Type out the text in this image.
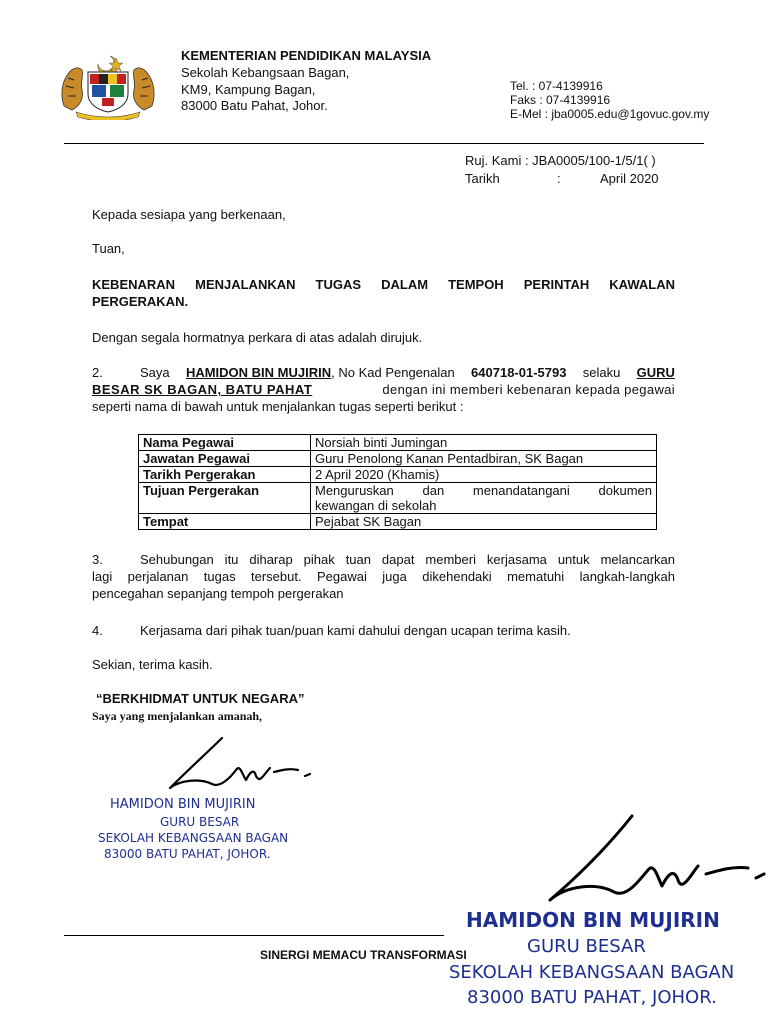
KEMENTERIAN PENDIDIKAN MALAYSIA
Sekolah Kebangsaan Bagan,
KM9, Kampung Bagan,
83000 Batu Pahat, Johor.
Tel. : 07-4139916
Faks : 07-4139916
E-Mel : jba0005.edu@1govuc.gov.my
Ruj. Kami : JBA0005/100-1/5/1( )
Tarikh	:	April 2020
Kepada sesiapa yang berkenaan,
Tuan,
KEBENARAN MENJALANKAN TUGAS DALAM TEMPOH PERINTAH KAWALAN
PERGERAKAN.
Dengan segala hormatnya perkara di atas adalah dirujuk.
2.	Saya HAMIDON BIN MUJIRIN, No Kad Pengenalan 640718-01-5793 selaku GURU
BESAR SK BAGAN, BATU PAHAT	dengan ini memberi kebenaran kepada pegawai
seperti nama di bawah untuk menjalankan tugas seperti berikut :
Nama Pegawai	Norsiah binti Jumingan
Jawatan Pegawai	Guru Penolong Kanan Pentadbiran, SK Bagan
Tarikh Pergerakan	2 April 2020 (Khamis)
Tujuan Pergerakan	Menguruskan dan menandatangani dokumen
kewangan di sekolah

Tempat	Pejabat SK Bagan
3.	Sehubungan itu diharap pihak tuan dapat memberi kerjasama untuk melancarkan
lagi perjalanan tugas tersebut. Pegawai juga dikehendaki mematuhi langkah-langkah
pencegahan sepanjang tempoh pergerakan
4.	Kerjasama dari pihak tuan/puan kami dahului dengan ucapan terima kasih.
Sekian, terima kasih.
“BERKHIDMAT UNTUK NEGARA”
Saya yang menjalankan amanah,
HAMIDON BIN MUJIRIN
GURU BESAR
SEKOLAH KEBANGSAAN BAGAN
83000 BATU PAHAT, JOHOR.
SINERGI MEMACU TRANSFORMASI
HAMIDON BIN MUJIRIN
GURU BESAR
SEKOLAH KEBANGSAAN BAGAN
83000 BATU PAHAT, JOHOR.
